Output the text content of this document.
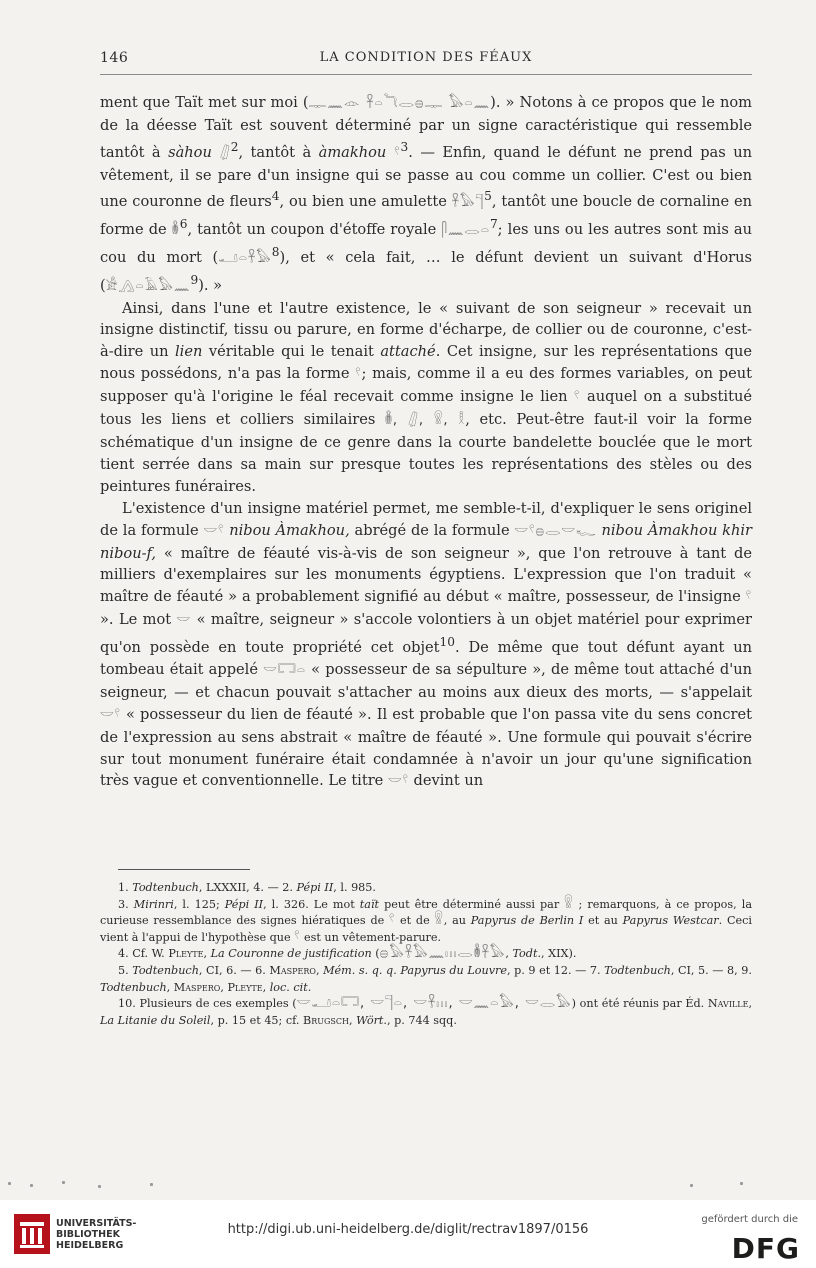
146	LA CONDITION DES FÉAUX

ment que Taït met sur moi (𓊃𓈖𓁹 𓋹𓏏𓆓𓂋𓐍𓊃 𓅃𓏏𓈖). » Notons à ce propos que le nom de la déesse Taït est souvent déterminé par un signe caractéristique qui ressemble tantôt à sàhou 𓋛$^2$, tantôt à àmakhou 𓍢$^3$. — Enfin, quand le défunt ne prend pas un vêtement, il se pare d'un insigne qui se passe au cou comme un collier. C'est ou bien une couronne de fleurs$^4$, ou bien une amulette 𓋹𓅃𓊹$^5$, tantôt une boucle de cornaline en forme de 𓎬$^6$, tantôt un coupon d'étoffe royale 𓋴𓈖𓂋𓏏$^7$; les uns ou les autres sont mis au cou du mort (𓂝𓏏𓋹𓅃$^8$), et « cela fait, … le défunt devient un suivant d'Horus (𓀀𓂻𓏏𓄿𓅃𓈖$^9$). »

Ainsi, dans l'une et l'autre existence, le « suivant de son seigneur » recevait un insigne distinctif, tissu ou parure, en forme d'écharpe, de collier ou de couronne, c'est-à-dire un lien véritable qui le tenait attaché. Cet insigne, sur les représentations que nous possédons, n'a pas la forme 𓍢; mais, comme il a eu des formes variables, on peut supposer qu'à l'origine le féal recevait comme insigne le lien 𓍢 auquel on a substitué tous les liens et colliers similaires 𓎬, 𓋛, 𓍰, 𓎛, etc. Peut-être faut-il voir la forme schématique d'un insigne de ce genre dans la courte bandelette bouclée que le mort tient serrée dans sa main sur presque toutes les représentations des stèles ou des peintures funéraires.

L'existence d'un insigne matériel permet, me semble-t-il, d'expliquer le sens originel de la formule 𓎟𓍢 nibou Àmakhou, abrégé de la formule 𓎟𓍢𓐍𓂋𓎟𓆑 nibou Àmakhou khir nibou-f, « maître de féauté vis-à-vis de son seigneur », que l'on retrouve à tant de milliers d'exemplaires sur les monuments égyptiens. L'expression que l'on traduit « maître de féauté » a probablement signifié au début « maître, possesseur, de l'insigne 𓍢 ». Le mot 𓎟 « maître, seigneur » s'accole volontiers à un objet matériel pour exprimer qu'on possède en toute propriété cet objet$^{10}$. De même que tout défunt ayant un tombeau était appelé 𓎟𓉐𓏏 « possesseur de sa sépulture », de même tout attaché d'un seigneur, — et chacun pouvait s'attacher au moins aux dieux des morts, — s'appelait 𓎟𓍢 « possesseur du lien de féauté ». Il est probable que l'on passa vite du sens concret de l'expression au sens abstrait « maître de féauté ». Une formule qui pouvait s'écrire sur tout monument funéraire était condamnée à n'avoir un jour qu'une signification très vague et conventionnelle. Le titre 𓎟𓍢 devint un

1. Todtenbuch, LXXXII, 4. — 2. Pépi II, l. 985.

3. Mirinri, l. 125; Pépi II, l. 326. Le mot taït peut être déterminé aussi par 𓍰 ; remarquons, à ce propos, la curieuse ressemblance des signes hiératiques de 𓍢 et de 𓍰, au Papyrus de Berlin I et au Papyrus Westcar. Ceci vient à l'appui de l'hypothèse que 𓍢 est un vêtement-parure.

4. Cf. W. Pleyte, La Couronne de justification (𓐍𓅃𓋹𓅃𓈖𓏥𓂋𓎬𓋹𓅃, Todt., XIX).

5. Todtenbuch, CI, 6. — 6. Maspero, Mém. s. q. q. Papyrus du Louvre, p. 9 et 12. — 7. Todtenbuch, CI, 5. — 8, 9. Todtenbuch, Maspero, Pleyte, loc. cit.

10. Plusieurs de ces exemples (𓎟𓂝𓏏𓉐, 𓎟𓊹𓏏, 𓎟𓋹𓏥, 𓎟𓈖𓏏𓅃, 𓎟𓂋𓅃) ont été réunis par Éd. Naville, La Litanie du Soleil, p. 15 et 45; cf. Brugsch, Wört., p. 744 sqq.

UNIVERSITÄTS-
BIBLIOTHEK
HEIDELBERG
http://digi.ub.uni-heidelberg.de/diglit/rectrav1897/0156
gefördert durch die
DFG
